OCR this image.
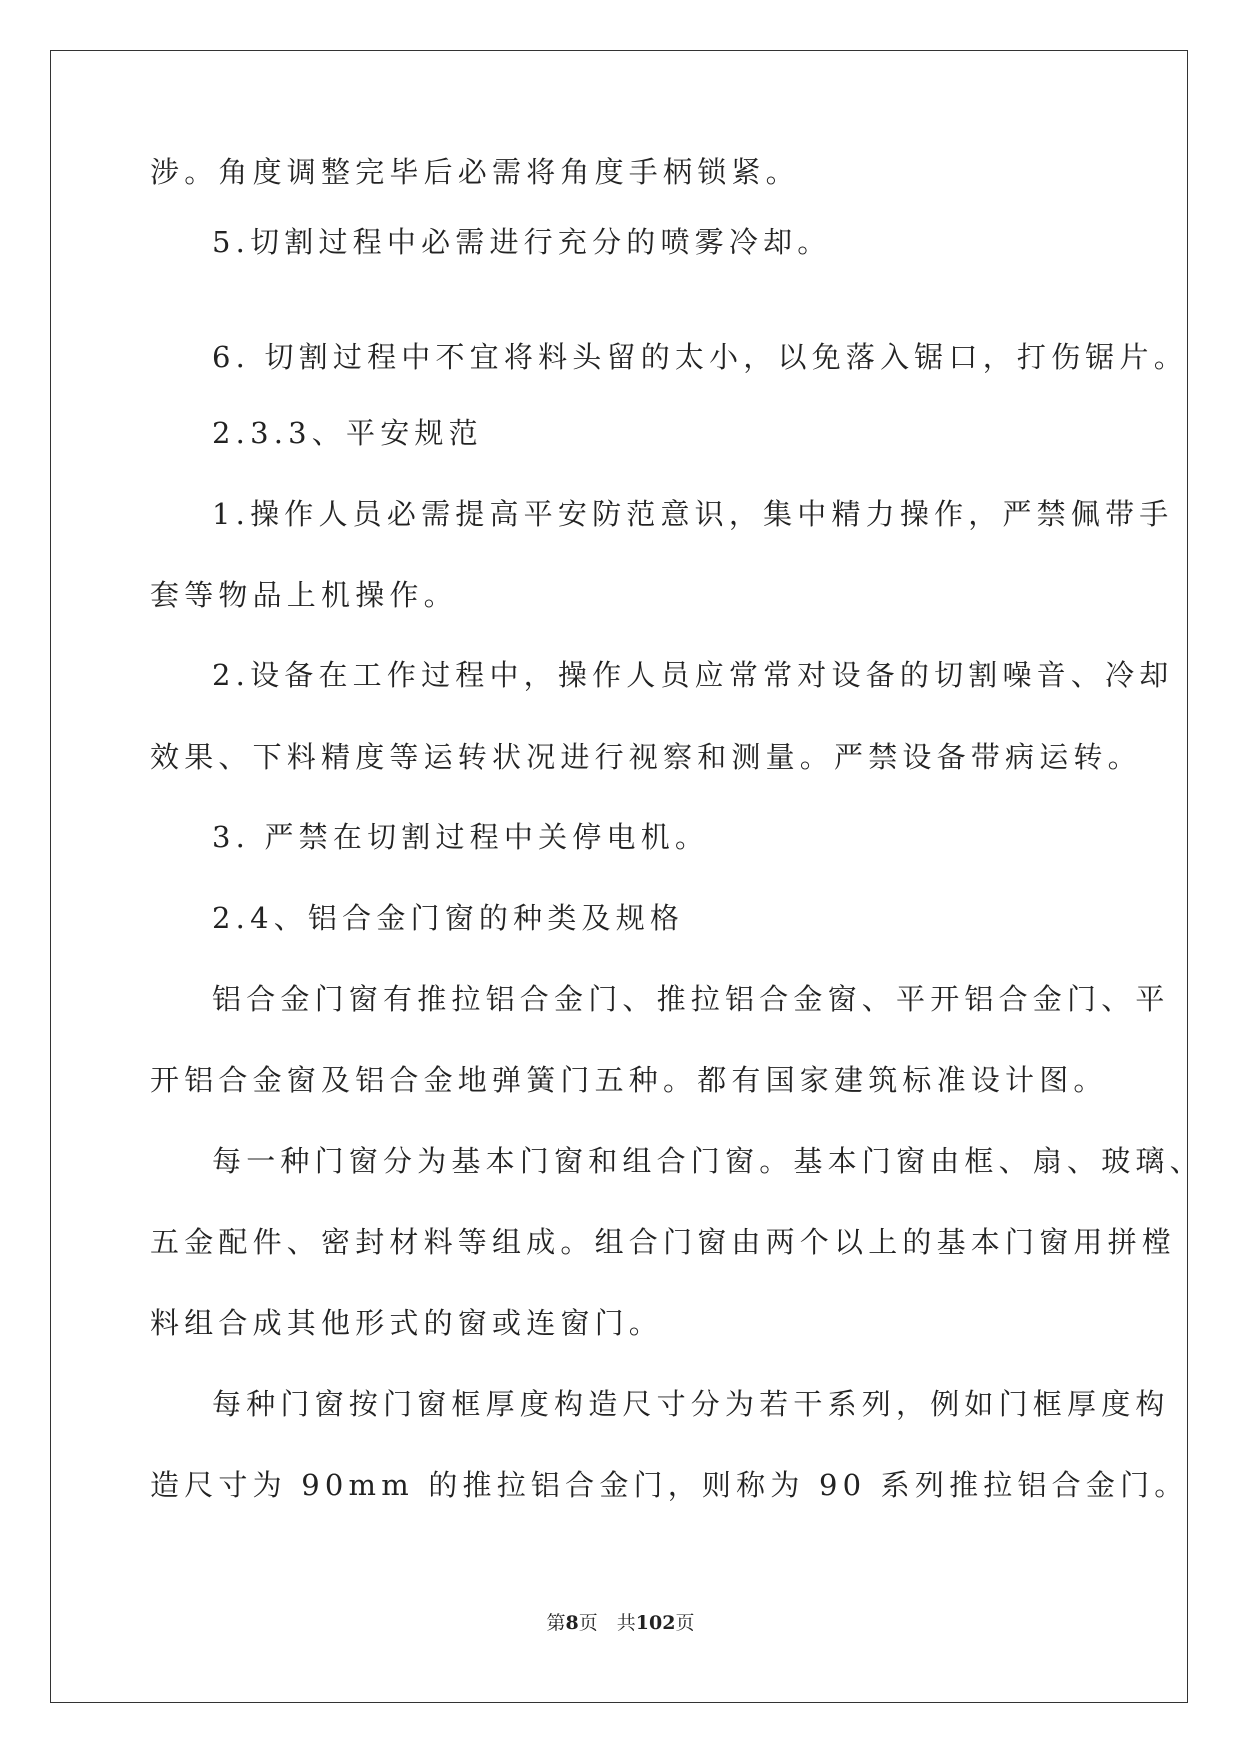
涉。角度调整完毕后必需将角度手柄锁紧。
5.切割过程中必需进行充分的喷雾冷却。
6. 切割过程中不宜将料头留的太小，以免落入锯口，打伤锯片。
2.3.3、平安规范
1.操作人员必需提高平安防范意识，集中精力操作，严禁佩带手
套等物品上机操作。
2.设备在工作过程中，操作人员应常常对设备的切割噪音、冷却
效果、下料精度等运转状况进行视察和测量。严禁设备带病运转。
3. 严禁在切割过程中关停电机。
2.4、铝合金门窗的种类及规格
铝合金门窗有推拉铝合金门、推拉铝合金窗、平开铝合金门、平
开铝合金窗及铝合金地弹簧门五种。都有国家建筑标准设计图。
每一种门窗分为基本门窗和组合门窗。基本门窗由框、扇、玻璃、
五金配件、密封材料等组成。组合门窗由两个以上的基本门窗用拼樘
料组合成其他形式的窗或连窗门。
每种门窗按门窗框厚度构造尺寸分为若干系列，例如门框厚度构
造尺寸为 90mm 的推拉铝合金门，则称为 90 系列推拉铝合金门。
第8页　共102页
